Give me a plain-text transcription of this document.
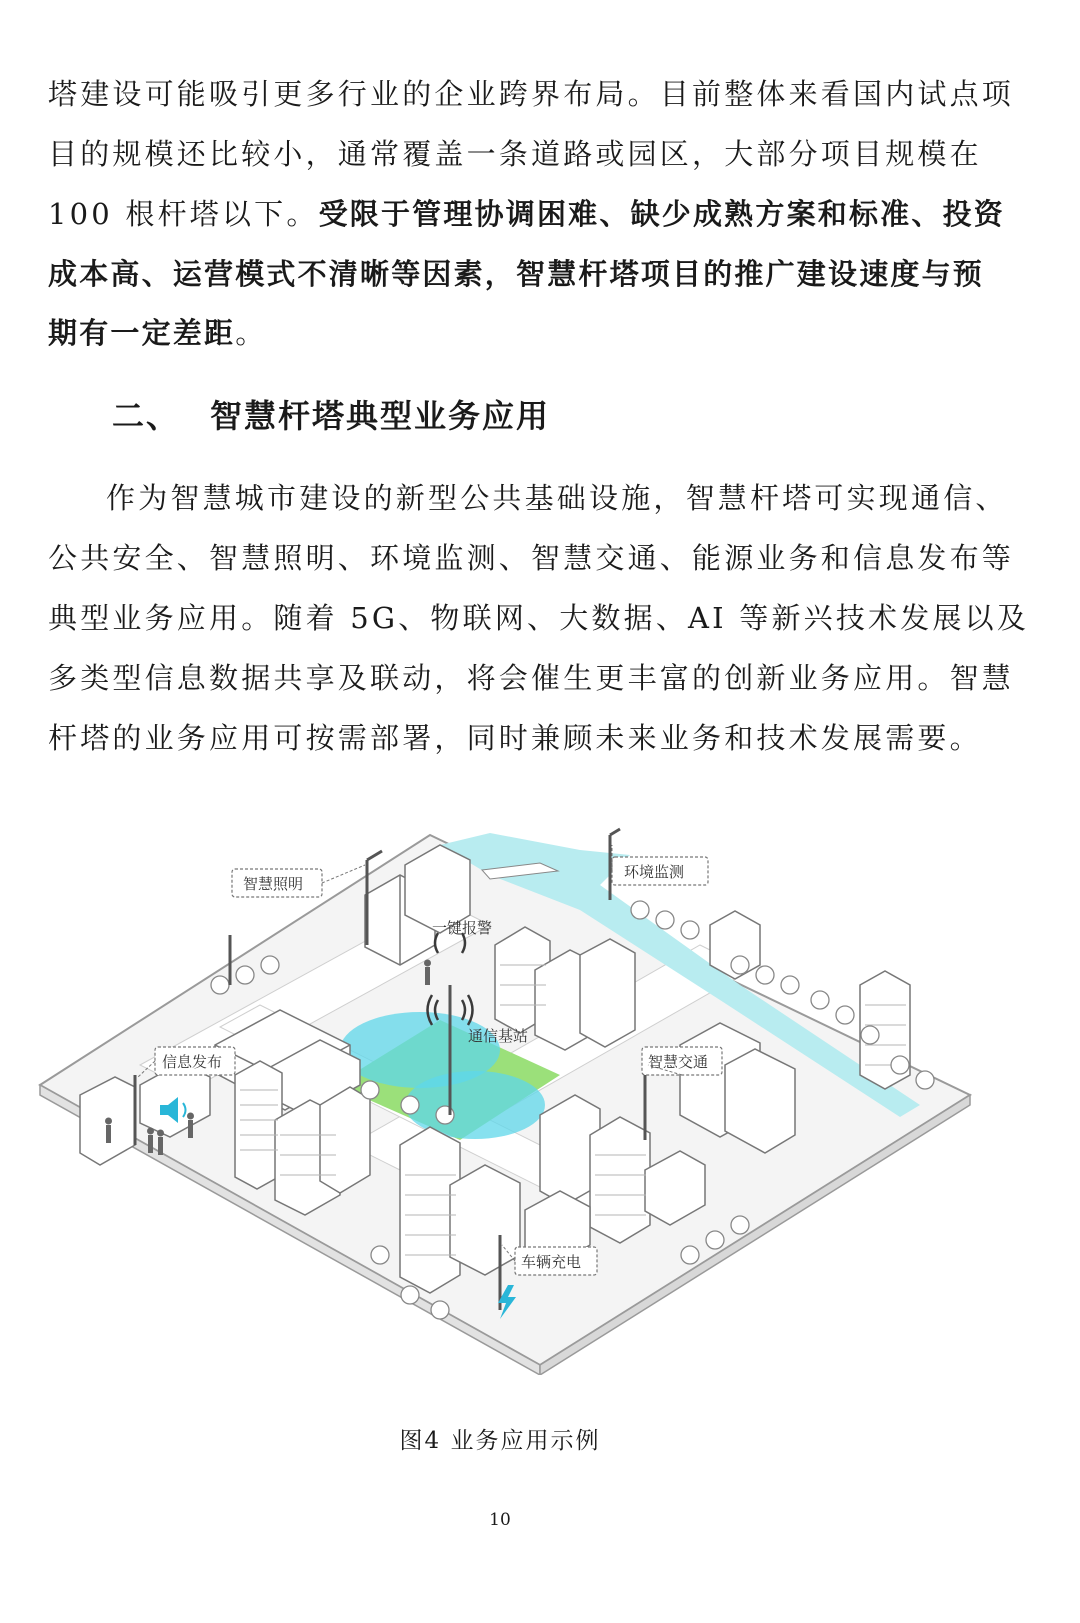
塔建设可能吸引更多行业的企业跨界布局。目前整体来看国内试点项
目的规模还比较小，通常覆盖一条道路或园区，大部分项目规模在
100 根杆塔以下。受限于管理协调困难、缺少成熟方案和标准、投资
成本高、运营模式不清晰等因素，智慧杆塔项目的推广建设速度与预
期有一定差距。
二、 智慧杆塔典型业务应用
作为智慧城市建设的新型公共基础设施，智慧杆塔可实现通信、
公共安全、智慧照明、环境监测、智慧交通、能源业务和信息发布等
典型业务应用。随着 5G、物联网、大数据、AI 等新兴技术发展以及
多类型信息数据共享及联动，将会催生更丰富的创新业务应用。智慧
杆塔的业务应用可按需部署，同时兼顾未来业务和技术发展需要。
智慧照明
环境监测
一键报警
通信基站
信息发布	智慧交通
车辆充电
图4 业务应用示例
10
